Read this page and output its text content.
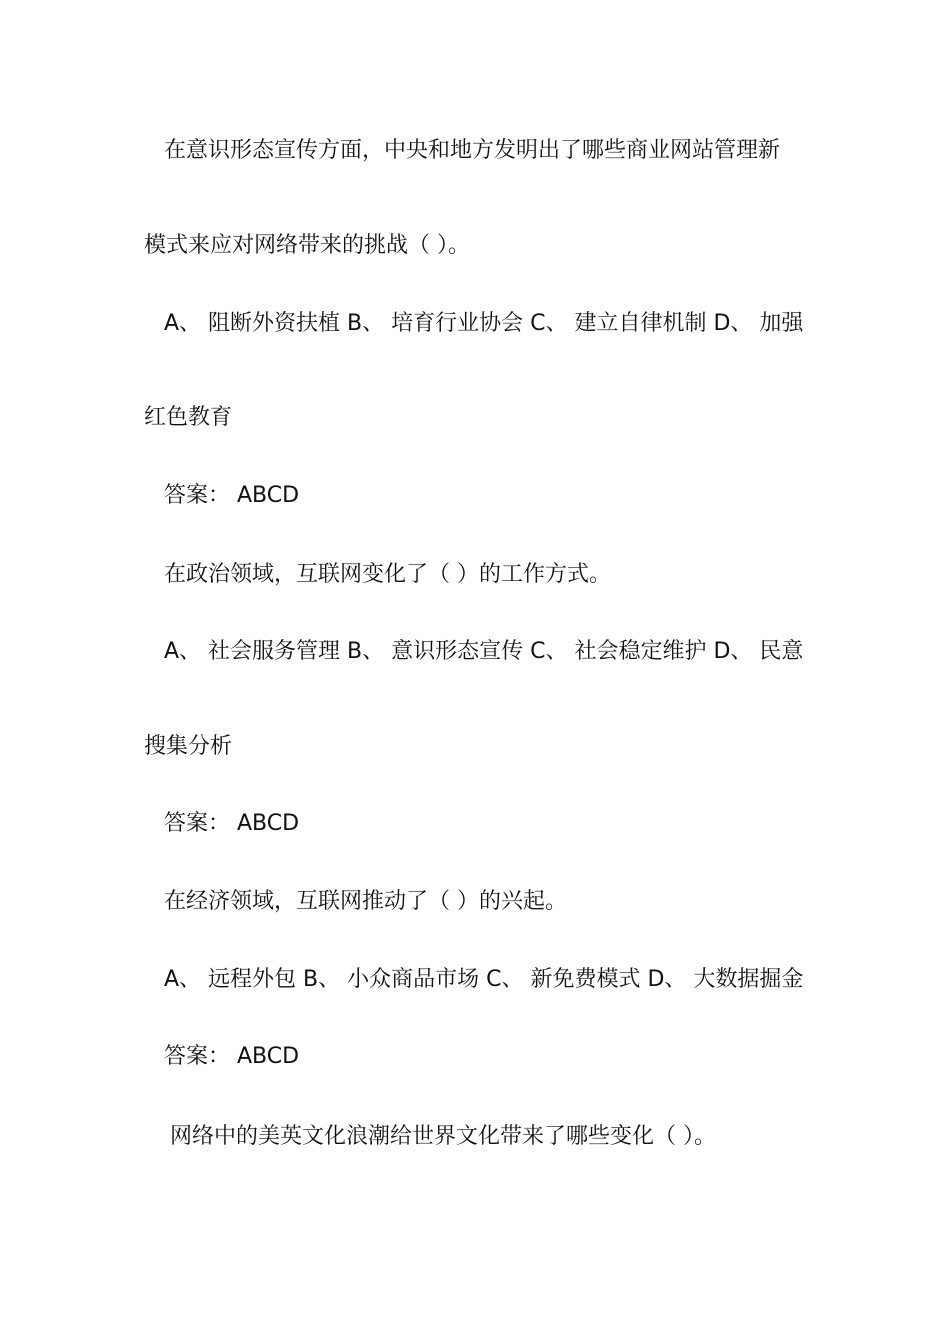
在意识形态宣传方面，中央和地方发明出了哪些商业网站管理新

模式来应对网络带来的挑战（ ）。

A、 阻断外资扶植 B、 培育行业协会 C、 建立自律机制 D、 加强

红色教育

答案： ABCD

在政治领域，互联网变化了（ ）的工作方式。

A、 社会服务管理 B、 意识形态宣传 C、 社会稳定维护 D、 民意

搜集分析

答案： ABCD

在经济领域，互联网推动了（ ）的兴起。

A、 远程外包 B、 小众商品市场 C、 新免费模式 D、 大数据掘金

答案： ABCD

网络中的美英文化浪潮给世界文化带来了哪些变化（ ）。
